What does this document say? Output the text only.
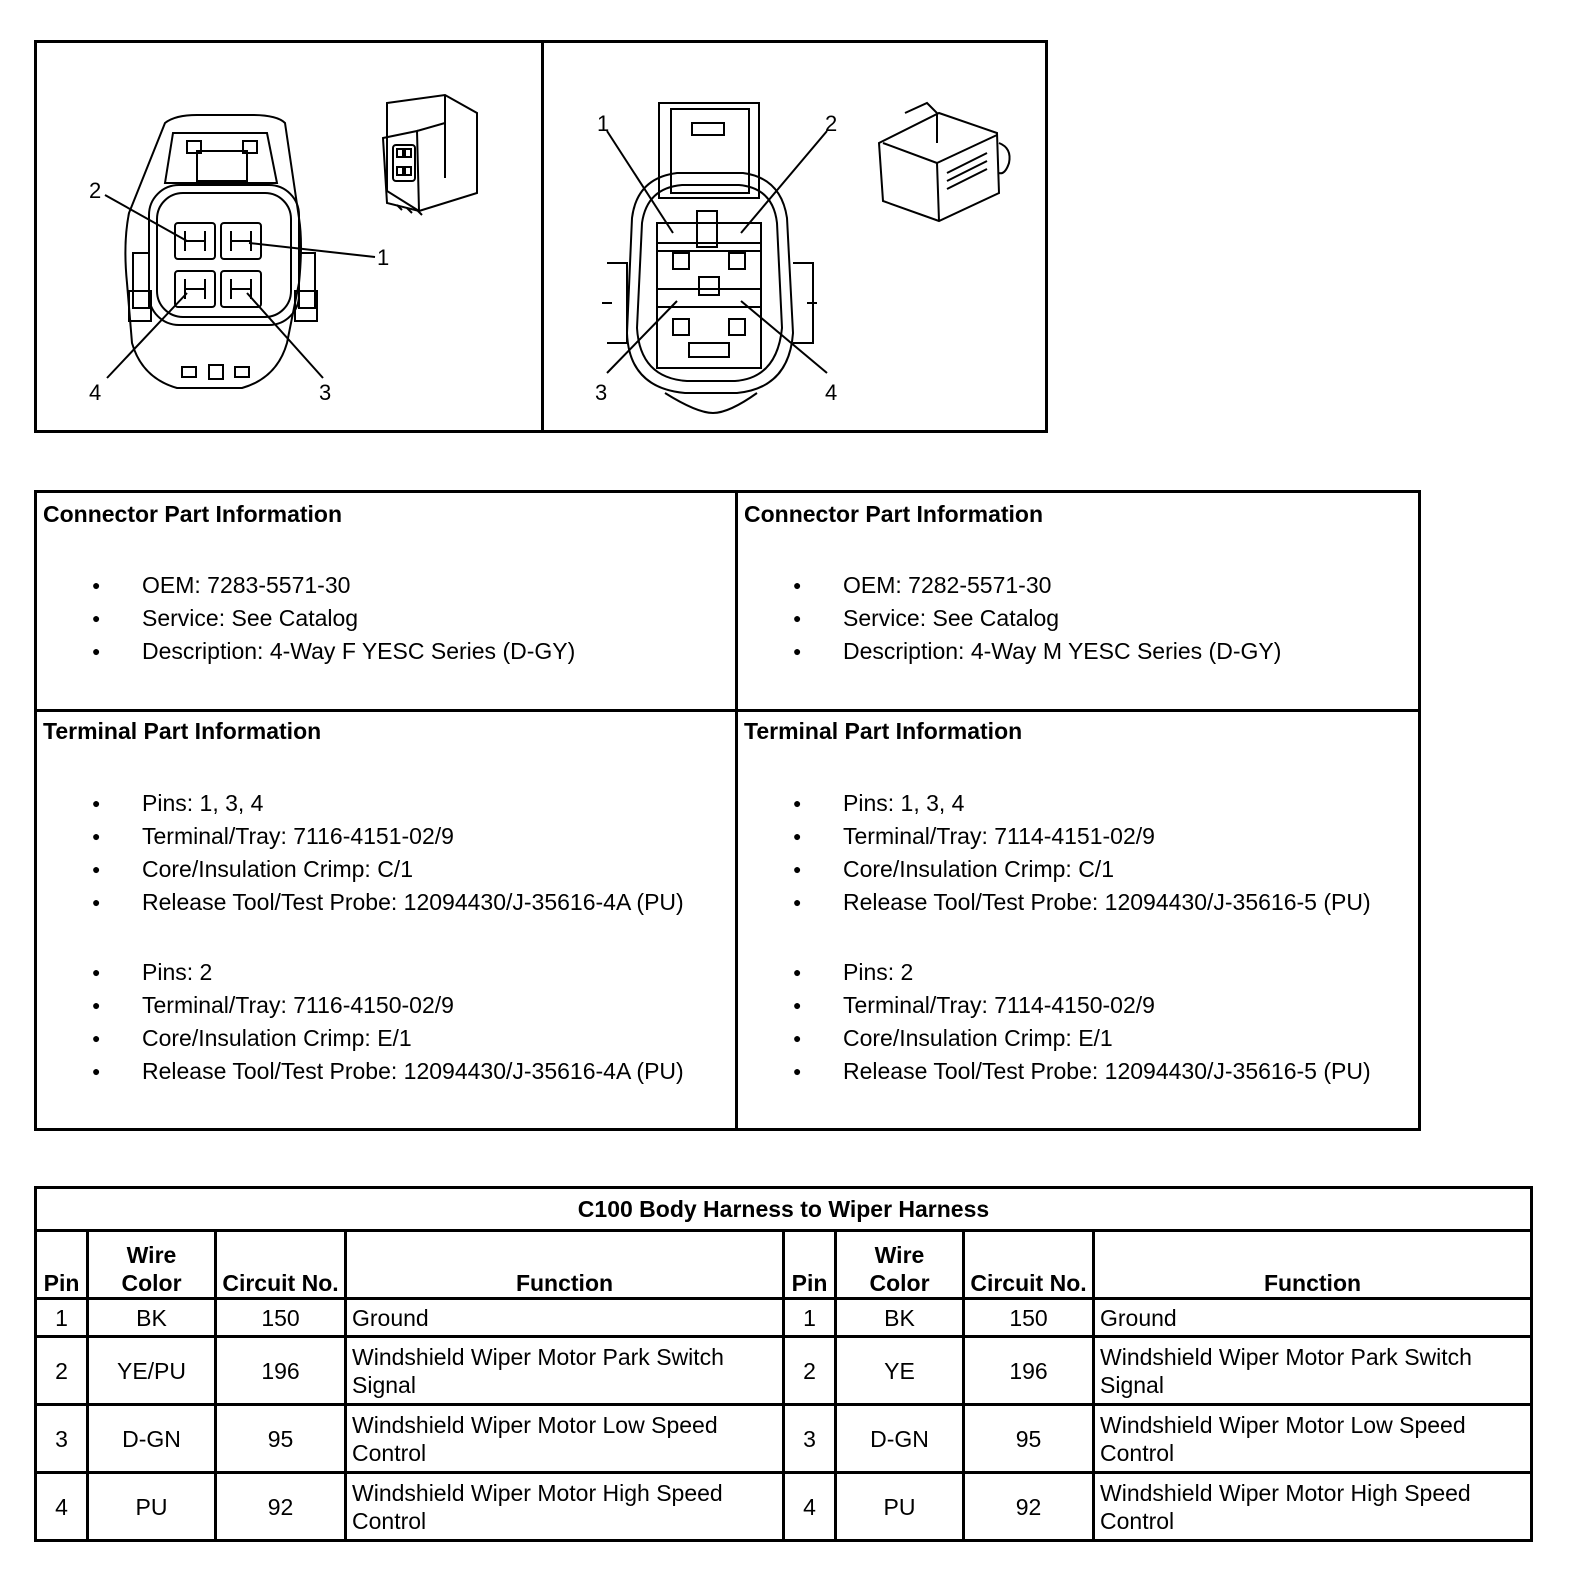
2
1
4	3
1	2
3	4
Connector Part Information
● OEM: 7283-5571-30
● Service: See Catalog
● Description: 4-Way F YESC Series (D-GY)
Connector Part Information
● OEM: 7282-5571-30
● Service: See Catalog
● Description: 4-Way M YESC Series (D-GY)
Terminal Part Information
● Pins: 1, 3, 4
● Terminal/Tray: 7116-4151-02/9
● Core/Insulation Crimp: C/1
● Release Tool/Test Probe: 12094430/J-35616-4A (PU)
● Pins: 2
● Terminal/Tray: 7116-4150-02/9
● Core/Insulation Crimp: E/1
● Release Tool/Test Probe: 12094430/J-35616-4A (PU)
Terminal Part Information
● Pins: 1, 3, 4
● Terminal/Tray: 7114-4151-02/9
● Core/Insulation Crimp: C/1
● Release Tool/Test Probe: 12094430/J-35616-5 (PU)
● Pins: 2
● Terminal/Tray: 7114-4150-02/9
● Core/Insulation Crimp: E/1
● Release Tool/Test Probe: 12094430/J-35616-5 (PU)
C100 Body Harness to Wiper Harness							
Pin	Wire Color	Circuit No.	Function	Pin	Wire Color	Circuit No.	Function
1	BK	150	Ground	1	BK	150	Ground
2	YE/PU	196	Windshield Wiper Motor Park Switch Signal	2	YE	196	Windshield Wiper Motor Park Switch Signal
3	D-GN	95	Windshield Wiper Motor Low Speed Control	3	D-GN	95	Windshield Wiper Motor Low Speed Control
4	PU	92	Windshield Wiper Motor High Speed Control	4	PU	92	Windshield Wiper Motor High Speed Control
